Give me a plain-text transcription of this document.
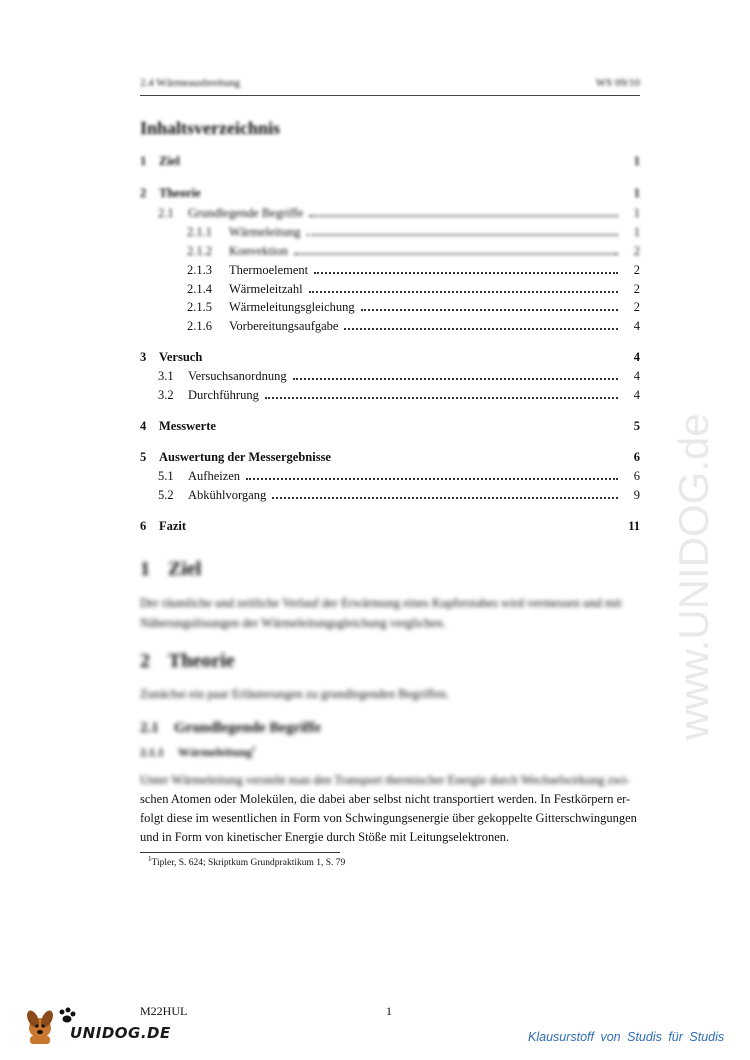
2.4 Wärmeausbreitung	WS 09/10
www.UNIDOG.de
Inhaltsverzeichnis
1 Ziel	1
2 Theorie	1
2.1 Grundlegende Begriffe	1
2.1.1 Wärmeleitung	1
2.1.2 Konvektion	2
2.1.3 Thermoelement	2
2.1.4 Wärmeleitzahl	2
2.1.5 Wärmeleitungsgleichung	2
2.1.6 Vorbereitungsaufgabe	4
3 Versuch	4
3.1 Versuchsanordnung	4
3.2 Durchführung	4
4 Messwerte	5
5 Auswertung der Messergebnisse	6
5.1 Aufheizen	6
5.2 Abkühlvorgang	9
6 Fazit	11
1 Ziel
Der räumliche und zeitliche Verlauf der Erwärmung eines Kupferstabes wird vermessen und mit Näherungslösungen der Wärmeleitungsgleichung verglichen.
2 Theorie
Zunächst ein paar Erläuterungen zu grundlegenden Begriffen.
2.1 Grundlegende Begriffe
2.1.1 Wärmeleitung$^1$
Unter Wärmeleitung versteht man den Transport thermischer Energie durch Wechselwirkung zwi-
schen Atomen oder Molekülen, die dabei aber selbst nicht transportiert werden. In Festkörpern er-
folgt diese im wesentlichen in Form von Schwingungsenergie über gekoppelte Gitterschwingungen
und in Form von kinetischer Energie durch Stöße mit Leitungselektronen.
$^1$Tipler, S. 624; Skriptkum Grundpraktikum 1, S. 79
M22HUL	1
UNIDOG.DE	Klausurstoff von Studis für Studis
